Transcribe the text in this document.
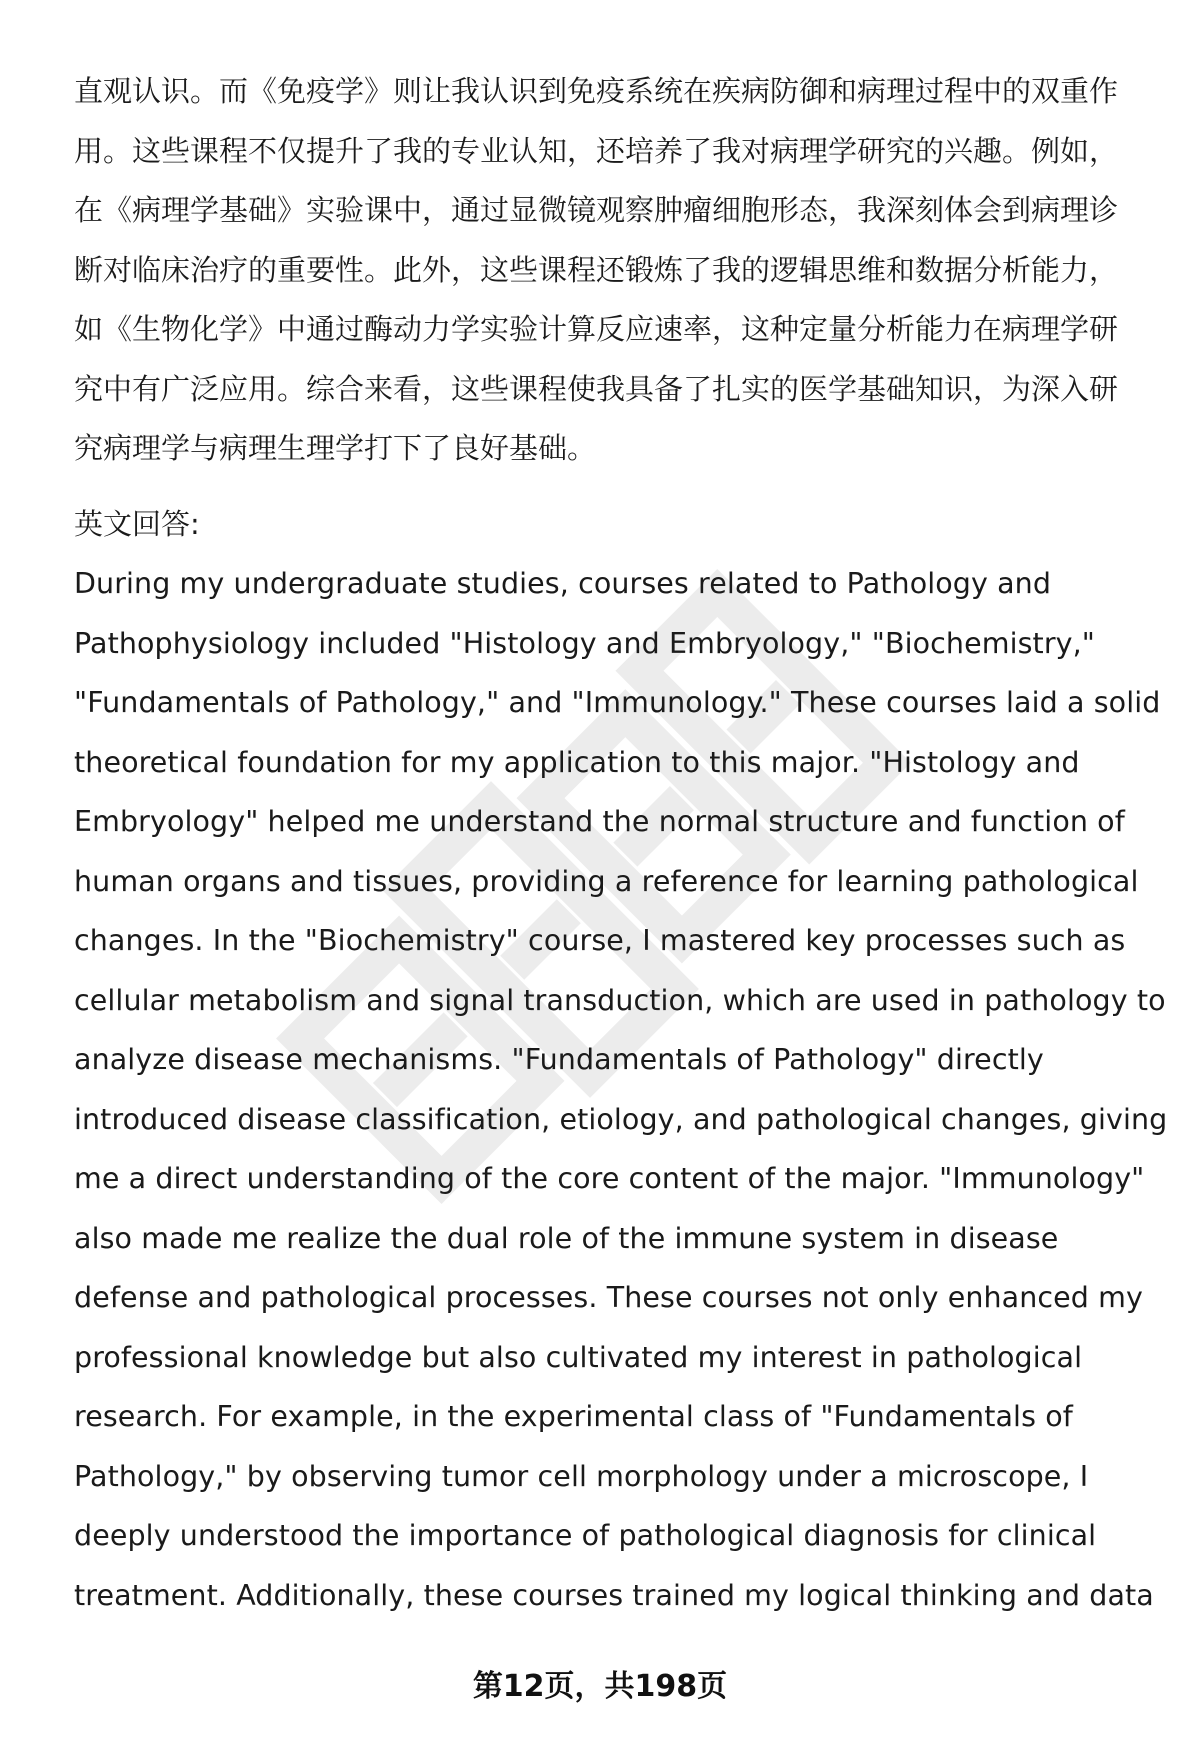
直观认识。而《免疫学》则让我认识到免疫系统在疾病防御和病理过程中的双重作
用。这些课程不仅提升了我的专业认知，还培养了我对病理学研究的兴趣。例如，
在《病理学基础》实验课中，通过显微镜观察肿瘤细胞形态，我深刻体会到病理诊
断对临床治疗的重要性。此外，这些课程还锻炼了我的逻辑思维和数据分析能力，
如《生物化学》中通过酶动力学实验计算反应速率，这种定量分析能力在病理学研
究中有广泛应用。综合来看，这些课程使我具备了扎实的医学基础知识，为深入研
究病理学与病理生理学打下了良好基础。

英文回答:

During my undergraduate studies, courses related to Pathology and
Pathophysiology included "Histology and Embryology," "Biochemistry,"
"Fundamentals of Pathology," and "Immunology." These courses laid a solid
theoretical foundation for my application to this major. "Histology and
Embryology" helped me understand the normal structure and function of
human organs and tissues, providing a reference for learning pathological
changes. In the "Biochemistry" course, I mastered key processes such as
cellular metabolism and signal transduction, which are used in pathology to
analyze disease mechanisms. "Fundamentals of Pathology" directly
introduced disease classification, etiology, and pathological changes, giving
me a direct understanding of the core content of the major. "Immunology"
also made me realize the dual role of the immune system in disease
defense and pathological processes. These courses not only enhanced my
professional knowledge but also cultivated my interest in pathological
research. For example, in the experimental class of "Fundamentals of
Pathology," by observing tumor cell morphology under a microscope, I
deeply understood the importance of pathological diagnosis for clinical
treatment. Additionally, these courses trained my logical thinking and data

第12页，共198页
